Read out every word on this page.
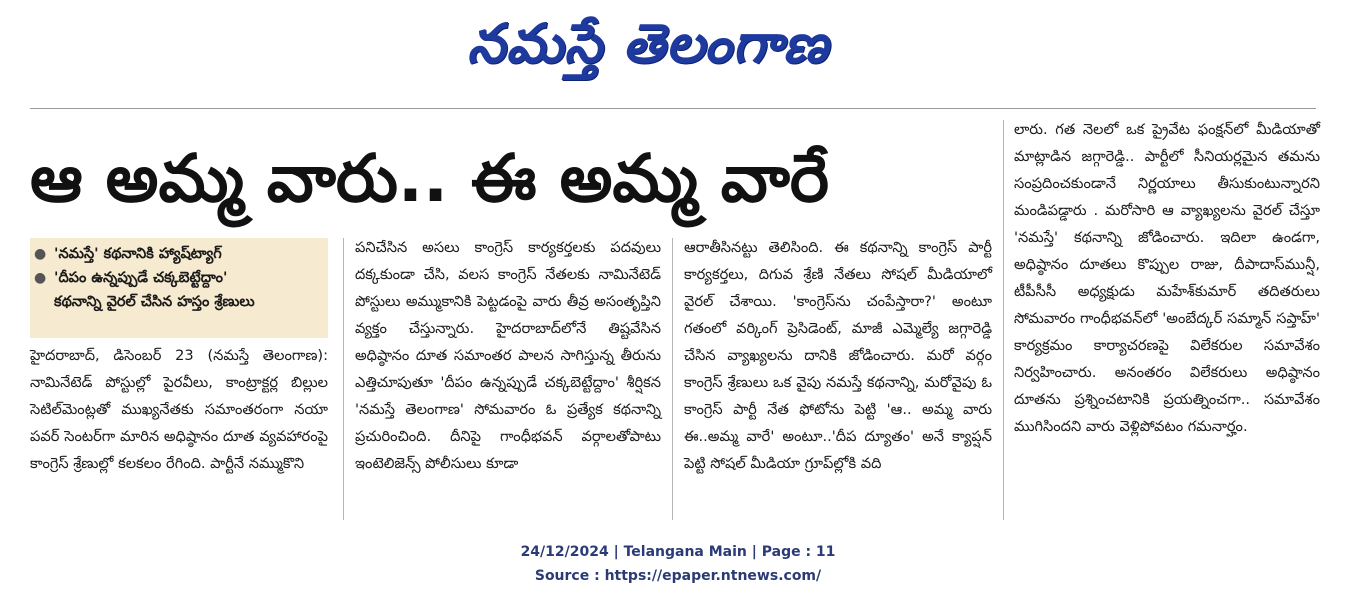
నమస్తే తెలంగాణ
ఆ అమ్మ వారు.. ఈ అమ్మ వారే
● 'నమస్తే' కథనానికి హ్యాష్‌ట్యాగ్
● 'దీపం ఉన్నప్పుడే చక్కబెట్టేద్దాం'
కథనాన్ని వైరల్ చేసిన హస్తం శ్రేణులు

హైదరాబాద్, డిసెంబర్ 23 (నమస్తే తెలంగాణ): నామినేటెడ్ పోస్టుల్లో పైరవీలు, కాంట్రాక్టర్ల బిల్లుల సెటిల్‌మెంట్లతో ముఖ్యనేతకు సమాంతరంగా నయా పవర్ సెంటర్‌గా మారిన అధిష్ఠానం దూత వ్యవహారంపై కాంగ్రెస్ శ్రేణుల్లో కలకలం రేగింది. పార్టీనే నమ్ముకొని

పనిచేసిన అసలు కాంగ్రెస్ కార్యకర్తలకు పదవులు దక్కకుండా చేసి, వలస కాంగ్రెస్ నేతలకు నామినేటెడ్ పోస్టులు అమ్ముకానికి పెట్టడంపై వారు తీవ్ర అసంతృప్తిని వ్యక్తం చేస్తున్నారు. హైదరాబాద్‌లోనే తిష్టవేసిన అధిష్ఠానం దూత సమాంతర పాలన సాగిస్తున్న తీరును ఎత్తిచూపుతూ 'దీపం ఉన్నప్పుడే చక్కబెట్టేద్దాం' శీర్షికన 'నమస్తే తెలంగాణ' సోమవారం ఓ ప్రత్యేక కథనాన్ని ప్రచురించింది. దీనిపై గాంధీభవన్ వర్గాలతోపాటు ఇంటెలిజెన్స్ పోలీసులు కూడా

ఆరాతీసినట్టు తెలిసింది. ఈ కథనాన్ని కాంగ్రెస్ పార్టీ కార్యకర్తలు, దిగువ శ్రేణి నేతలు సోషల్ మీడియాలో వైరల్ చేశాయి. 'కాంగ్రెస్‌ను చంపేస్తారా?' అంటూ గతంలో వర్కింగ్ ప్రెసిడెంట్, మాజీ ఎమ్మెల్యే జగ్గారెడ్డి చేసిన వ్యాఖ్యలను దానికి జోడించారు. మరో వర్గం కాంగ్రెస్ శ్రేణులు ఒక వైపు నమస్తే కథనాన్ని, మరోవైపు ఓ కాంగ్రెస్ పార్టీ నేత ఫోటోను పెట్టి 'ఆ.. అమ్మ వారు ఈ..అమ్మ వారే' అంటూ..'దీప ద్యూతం' అనే క్యాప్షన్ పెట్టి సోషల్ మీడియా గ్రూప్‌ల్లోకి వది

లారు. గత నెలలో ఒక ప్రైవేట ఫంక్షన్‌లో మీడియాతో మాట్లాడిన జగ్గారెడ్డి.. పార్టీలో సీనియర్లమైన తమను సంప్రదించకుండానే నిర్ణయాలు తీసుకుంటున్నారని మండిపడ్డారు . మరోసారి ఆ వ్యాఖ్యలను వైరల్ చేస్తూ 'నమస్తే' కథనాన్ని జోడించారు. ఇదిలా ఉండగా, అధిష్ఠానం దూతలు కొప్పుల రాజు, దీపాదాస్‌మున్షీ, టీపీసీసీ అధ్యక్షుడు మహేశ్‌కుమార్ తదితరులు సోమవారం గాంధీభవన్‌లో 'అంబేద్కర్ సమ్మాన్ సప్తాహ్' కార్యక్రమం కార్యాచరణపై విలేకరుల సమావేశం నిర్వహించారు. అనంతరం విలేకరులు అధిష్ఠానం దూతను ప్రశ్నించటానికి ప్రయత్నించగా.. సమావేశం ముగిసిందని వారు వెళ్లిపోవటం గమనార్హం.

24/12/2024 | Telangana Main | Page : 11
Source : https://epaper.ntnews.com/
